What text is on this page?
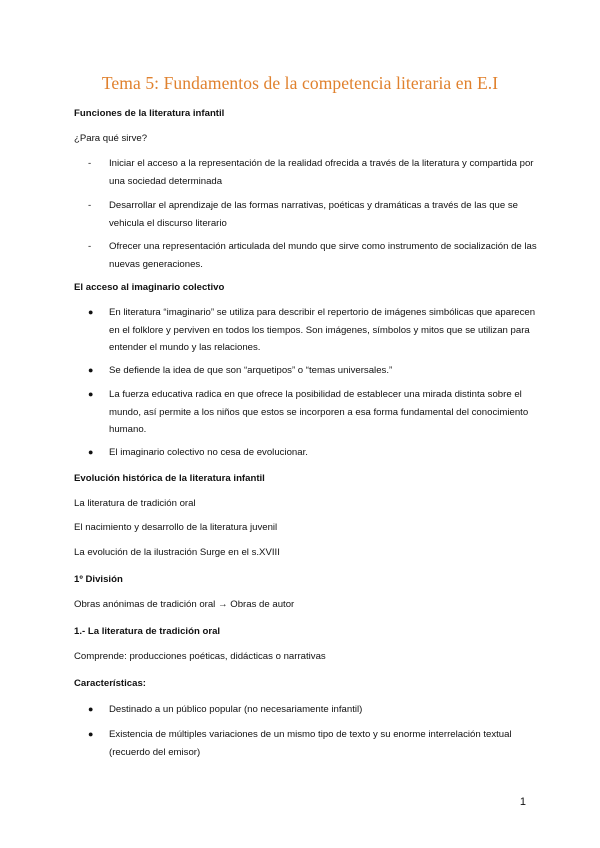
Tema 5: Fundamentos de la competencia literaria en E.I
Funciones de la literatura infantil
¿Para qué sirve?
- Iniciar el acceso a la representación de la realidad ofrecida a través de la literatura y compartida por una sociedad determinada
- Desarrollar el aprendizaje de las formas narrativas, poéticas y dramáticas a través de las que se vehicula el discurso literario
- Ofrecer una representación articulada del mundo que sirve como instrumento de socialización de las nuevas generaciones.
El acceso al imaginario colectivo
● En literatura “imaginario” se utiliza para describir el repertorio de imágenes simbólicas que aparecen en el folklore y perviven en todos los tiempos. Son imágenes, símbolos y mitos que se utilizan para entender el mundo y las relaciones.
● Se defiende la idea de que son “arquetipos” o “temas universales.”
● La fuerza educativa radica en que ofrece la posibilidad de establecer una mirada distinta sobre el mundo, así permite a los niños que estos se incorporen a esa forma fundamental del conocimiento humano.
● El imaginario colectivo no cesa de evolucionar.
Evolución histórica de la literatura infantil
La literatura de tradición oral
El nacimiento y desarrollo de la literatura juvenil
La evolución de la ilustración Surge en el s.XVIII
1º División
Obras anónimas de tradición oral → Obras de autor
1.- La literatura de tradición oral
Comprende: producciones poéticas, didácticas o narrativas
Características:
● Destinado a un público popular (no necesariamente infantil)
● Existencia de múltiples variaciones de un mismo tipo de texto y su enorme interrelación textual (recuerdo del emisor)
1
